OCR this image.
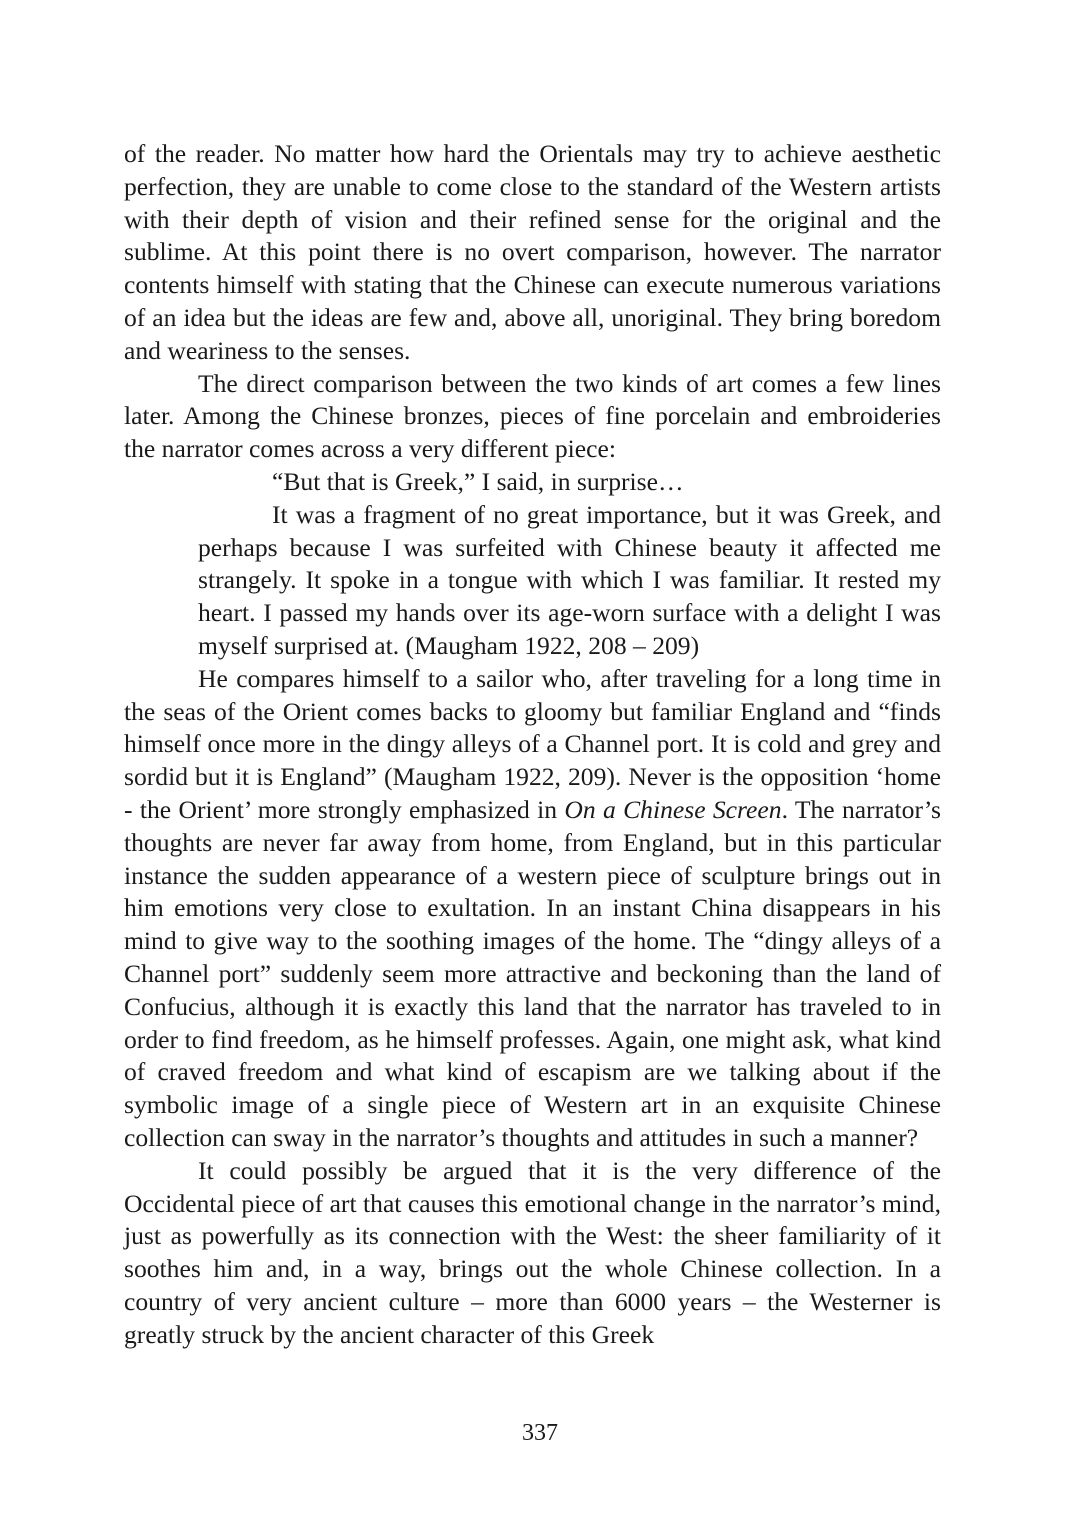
of the reader. No matter how hard the Orientals may try to achieve aesthetic perfection, they are unable to come close to the standard of the Western artists with their depth of vision and their refined sense for the original and the sublime. At this point there is no overt comparison, however. The narrator contents himself with stating that the Chinese can execute numerous variations of an idea but the ideas are few and, above all, unoriginal. They bring boredom and weariness to the senses.

The direct comparison between the two kinds of art comes a few lines later. Among the Chinese bronzes, pieces of fine porcelain and embroideries the narrator comes across a very different piece:

“But that is Greek,” I said, in surprise…

It was a fragment of no great importance, but it was Greek, and perhaps because I was surfeited with Chinese beauty it affected me strangely. It spoke in a tongue with which I was familiar. It rested my heart. I passed my hands over its age-worn surface with a delight I was myself surprised at. (Maugham 1922, 208 – 209)

He compares himself to a sailor who, after traveling for a long time in the seas of the Orient comes backs to gloomy but familiar England and “finds himself once more in the dingy alleys of a Channel port. It is cold and grey and sordid but it is England” (Maugham 1922, 209). Never is the opposition ‘home - the Orient’ more strongly emphasized in On a Chinese Screen. The narrator’s thoughts are never far away from home, from England, but in this particular instance the sudden appearance of a western piece of sculpture brings out in him emotions very close to exultation. In an instant China disappears in his mind to give way to the soothing images of the home. The “dingy alleys of a Channel port” suddenly seem more attractive and beckoning than the land of Confucius, although it is exactly this land that the narrator has traveled to in order to find freedom, as he himself professes. Again, one might ask, what kind of craved freedom and what kind of escapism are we talking about if the symbolic image of a single piece of Western art in an exquisite Chinese collection can sway in the narrator’s thoughts and attitudes in such a manner?

It could possibly be argued that it is the very difference of the Occidental piece of art that causes this emotional change in the narrator’s mind, just as powerfully as its connection with the West: the sheer familiarity of it soothes him and, in a way, brings out the whole Chinese collection. In a country of very ancient culture – more than 6000 years – the Westerner is greatly struck by the ancient character of this Greek

337
